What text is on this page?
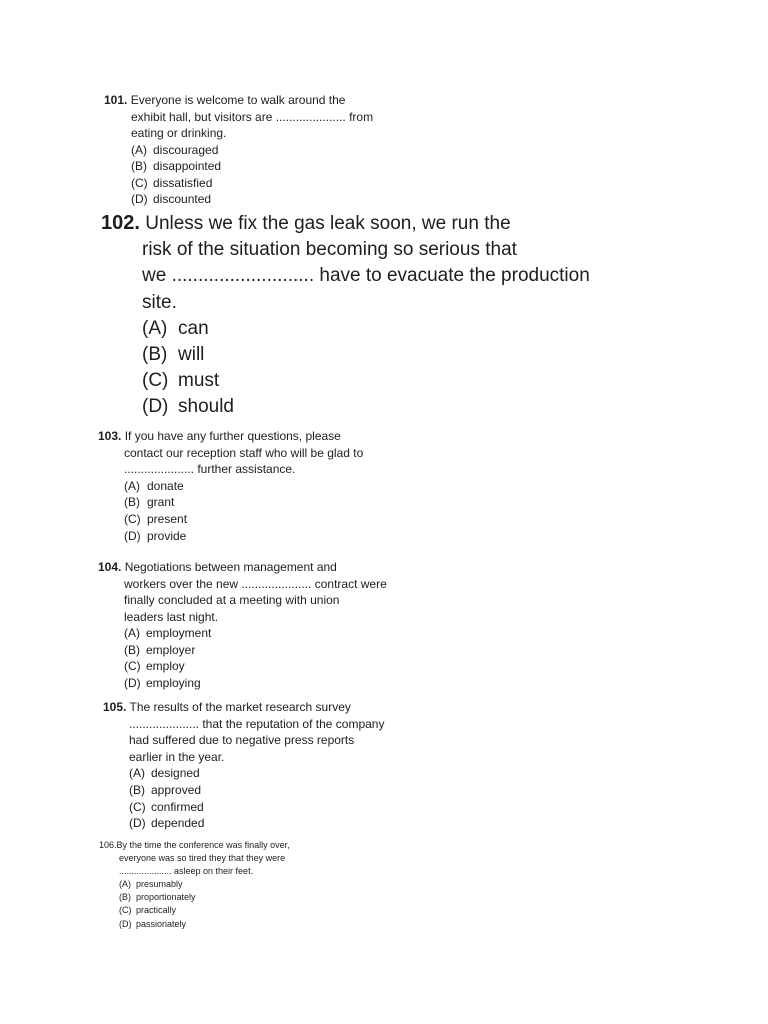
101. Everyone is welcome to walk around the
exhibit hall, but visitors are ..................... from
eating or drinking.
(A) discouraged
(B) disappointed
(C) dissatisfied
(D) discounted
102. Unless we fix the gas leak soon, we run the
risk of the situation becoming so serious that
we ........................... have to evacuate the production
site.
(A) can
(B) will
(C) must
(D) should
103. If you have any further questions, please
contact our reception staff who will be glad to
..................... further assistance.
(A) donate
(B) grant
(C) present
(D) provide
104. Negotiations between management and
workers over the new ..................... contract were
finally concluded at a meeting with union
leaders last night.
(A) employment
(B) employer
(C) employ
(D) employing
105. The results of the market research survey
..................... that the reputation of the company
had suffered due to negative press reports
earlier in the year.
(A) designed
(B) approved
(C) confirmed
(D) depended
106.By the time the conference was finally over,
everyone was so tired they that they were
..................... asleep on their feet.
(A) presumably
(B) proportionately
(C) practically
(D) passionately
